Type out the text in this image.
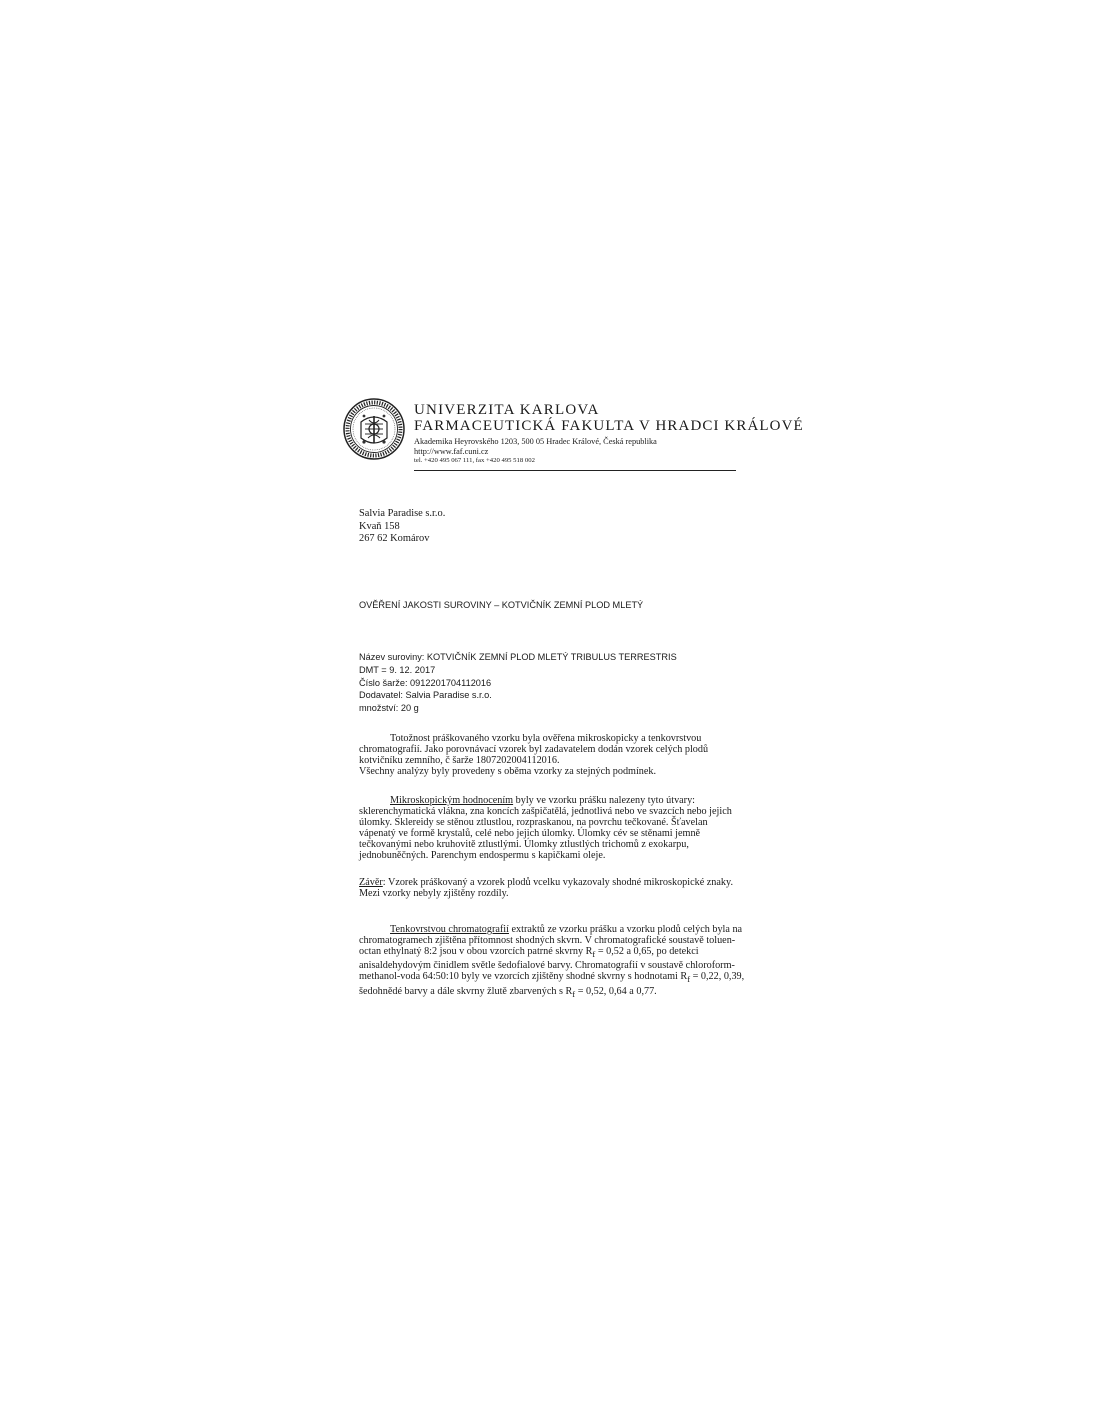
UNIVERZITA KARLOVA
FARMACEUTICKÁ FAKULTA V HRADCI KRÁLOVÉ
Akademika Heyrovského 1203, 500 05 Hradec Králové, Česká republika
http://www.faf.cuni.cz
tel. +420 495 067 111, fax +420 495 518 002
Salvia Paradise s.r.o.
Kvaň 158
267 62 Komárov
OVĚŘENÍ JAKOSTI SUROVINY – KOTVIČNÍK ZEMNÍ PLOD MLETÝ
Název suroviny: KOTVIČNÍK ZEMNÍ PLOD MLETÝ TRIBULUS TERRESTRIS
DMT = 9. 12. 2017
Číslo šarže: 0912201704112016
Dodavatel: Salvia Paradise s.r.o.
množství: 20 g
Totožnost práškovaného vzorku byla ověřena mikroskopicky a tenkovrstvou
chromatografií. Jako porovnávací vzorek byl zadavatelem dodán vzorek celých plodů
kotvičníku zemního, č šarže 1807202004112016.
Všechny analýzy byly provedeny s oběma vzorky za stejných podmínek.
Mikroskopickým hodnocením byly ve vzorku prášku nalezeny tyto útvary:
sklerenchymatická vlákna, zna koncích zašpičatělá, jednotlivá nebo ve svazcích nebo jejich
úlomky. Sklereidy se stěnou ztlustlou, rozpraskanou, na povrchu tečkované. Šťavelan
vápenatý ve formě krystalů, celé nebo jejich úlomky. Úlomky cév se stěnami jemně
tečkovanými nebo kruhovitě ztlustlými. Úlomky ztlustlých trichomů z exokarpu,
jednobuněčných. Parenchym endospermu s kapičkami oleje.
Závěr: Vzorek práškovaný a vzorek plodů vcelku vykazovaly shodné mikroskopické znaky.
Mezi vzorky nebyly zjištěny rozdíly.
Tenkovrstvou chromatografií extraktů ze vzorku prášku a vzorku plodů celých byla na
chromatogramech zjištěna přítomnost shodných skvrn. V chromatografické soustavě toluen-
octan ethylnatý 8:2 jsou v obou vzorcích patrné skvrny $R_f = 0,52$ a 0,65, po detekci
anisaldehydovým činidlem světle šedofialové barvy. Chromatografií v soustavě chloroform-
methanol-voda 64:50:10 byly ve vzorcích zjištěny shodné skvrny s hodnotami $R_f = 0,22$, 0,39,
šedohnědé barvy a dále skvrny žlutě zbarvených s $R_f = 0,52$, 0,64 a 0,77.
